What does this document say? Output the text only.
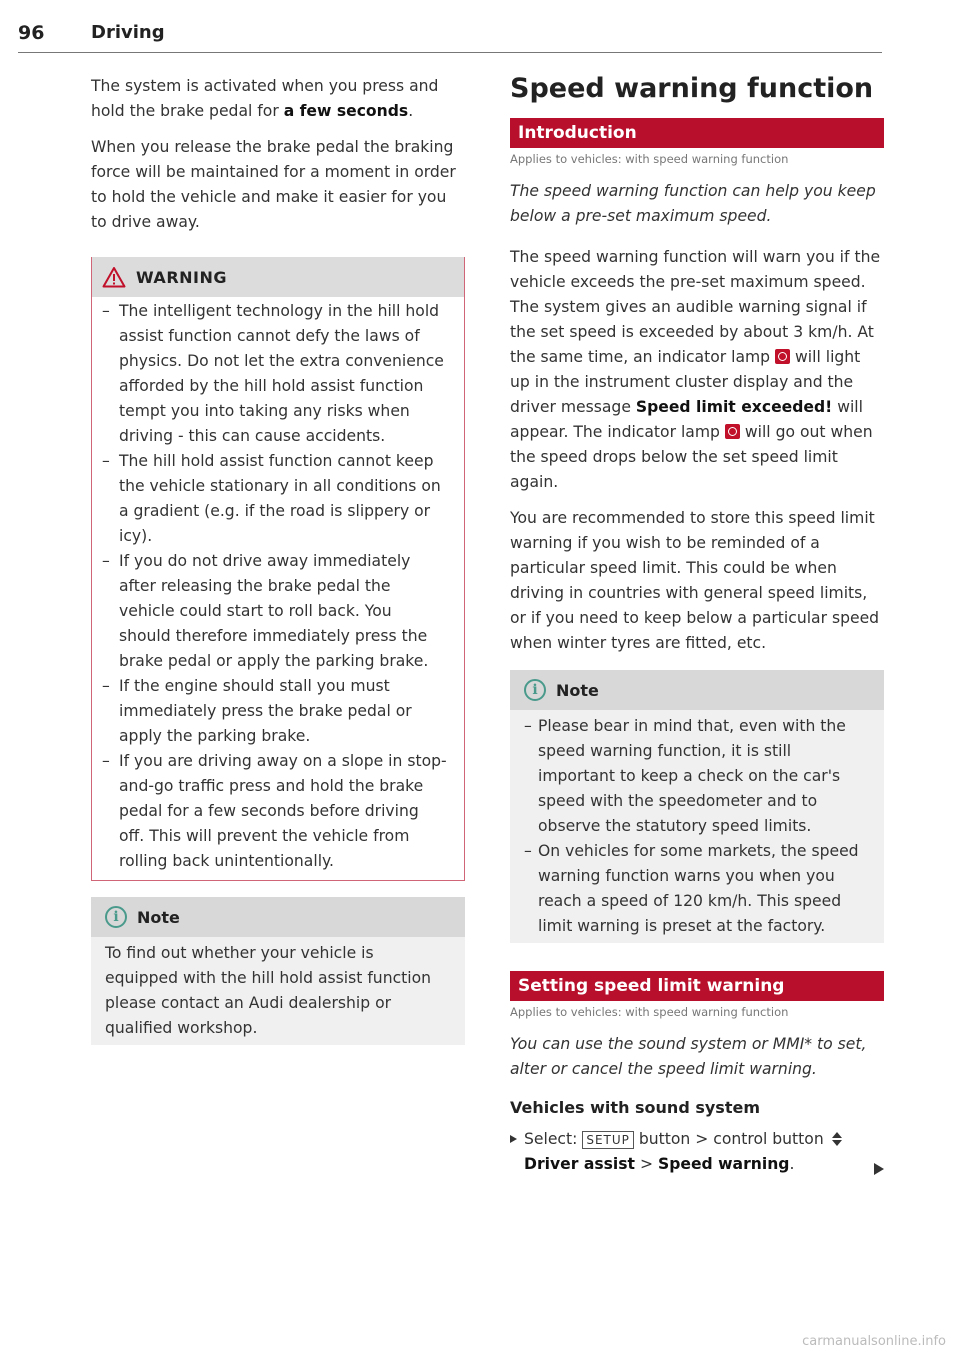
96	Driving

The system is activated when you press and hold the brake pedal for a few seconds.

When you release the brake pedal the braking force will be maintained for a moment in order to hold the vehicle and make it easier for you to drive away.

WARNING
– The intelligent technology in the hill hold assist function cannot defy the laws of physics. Do not let the extra convenience afforded by the hill hold assist function tempt you into taking any risks when driving - this can cause accidents.
– The hill hold assist function cannot keep the vehicle stationary in all conditions on a gradient (e.g. if the road is slippery or icy).
– If you do not drive away immediately after releasing the brake pedal the vehicle could start to roll back. You should therefore immediately press the brake pedal or apply the parking brake.
– If the engine should stall you must immediately press the brake pedal or apply the parking brake.
– If you are driving away on a slope in stop-and-go traffic press and hold the brake pedal for a few seconds before driving off. This will prevent the vehicle from rolling back unintentionally.
i	Note

To find out whether your vehicle is equipped with the hill hold assist function please contact an Audi dealership or qualified workshop.

Speed warning function
Introduction
Applies to vehicles: with speed warning function
The speed warning function can help you keep below a pre-set maximum speed.

The speed warning function will warn you if the vehicle exceeds the pre-set maximum speed. The system gives an audible warning signal if the set speed is exceeded by about 3 km/h. At the same time, an indicator lamp will light up in the instrument cluster display and the driver message Speed limit exceeded! will appear. The indicator lamp will go out when the speed drops below the set speed limit again.

You are recommended to store this speed limit warning if you wish to be reminded of a particular speed limit. This could be when driving in countries with general speed limits, or if you need to keep below a particular speed when winter tyres are fitted, etc.

i	Note
– Please bear in mind that, even with the speed warning function, it is still important to keep a check on the car's speed with the speedometer and to observe the statutory speed limits.
– On vehicles for some markets, the speed warning function warns you when you reach a speed of 120 km/h. This speed limit warning is preset at the factory.
Setting speed limit warning
Applies to vehicles: with speed warning function
You can use the sound system or MMI* to set, alter or cancel the speed limit warning.
Vehicles with sound system
Select: SETUP button > control button
Driver assist > Speed warning.
carmanualsonline.info
